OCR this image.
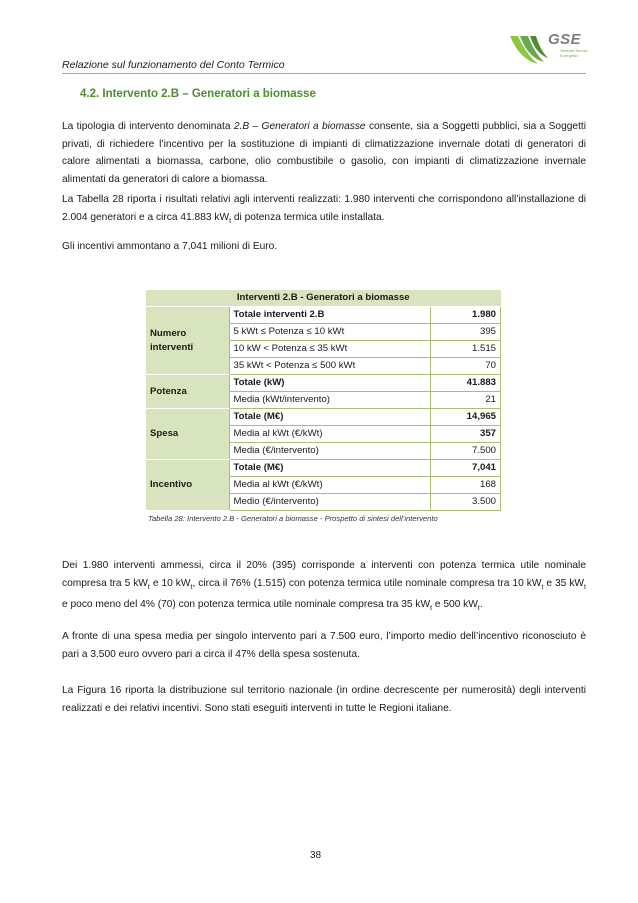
Relazione sul funzionamento del Conto Termico
GSE
Gestore Servizi Energetici
4.2. Intervento 2.B – Generatori a biomasse
La tipologia di intervento denominata 2.B – Generatori a biomasse consente, sia a Soggetti pubblici, sia a Soggetti privati, di richiedere l’incentivo per la sostituzione di impianti di climatizzazione invernale dotati di generatori di calore alimentati a biomassa, carbone, olio combustibile o gasolio, con impianti di climatizzazione invernale alimentati da generatori di calore a biomassa.
La Tabella 28 riporta i risultati relativi agli interventi realizzati: 1.980 interventi che corrispondono all’installazione di 2.004 generatori e a circa 41.883 $kW_t$ di potenza termica utile installata.
Gli incentivi ammontano a 7,041 milioni di Euro.
Interventi 2.B - Generatori a biomasse		
Numero interventi	Totale interventi 2.B	1.980
	5 kWt ≤ Potenza ≤ 10 kWt	395
	10 kW < Potenza ≤ 35 kWt	1.515
	35 kWt < Potenza ≤ 500 kWt	70
Potenza	Totale (kW)	41.883
	Media (kWt/intervento)	21
Spesa	Totale (M€)	14,965
	Media al kWt (€/kWt)	357
	Media (€/intervento)	7.500
Incentivo	Totale (M€)	7,041
	Media al kWt (€/kWt)	168
	Medio (€/intervento)	3.500
Tabella 28: Intervento 2.B - Generatori a biomasse - Prospetto di sintesi dell’intervento
Dei 1.980 interventi ammessi, circa il 20% (395) corrisponde a interventi con potenza termica utile nominale compresa tra 5 $kW_t$ e 10 $kW_t$, circa il 76% (1.515) con potenza termica utile nominale compresa tra 10 $kW_t$ e 35 $kW_t$ e poco meno del 4% (70) con potenza termica utile nominale compresa tra 35 $kW_t$ e 500 $kW_t$.
A fronte di una spesa media per singolo intervento pari a 7.500 euro, l’importo medio dell’incentivo riconosciuto è pari a 3.500 euro ovvero pari a circa il 47% della spesa sostenuta.
La Figura 16 riporta la distribuzione sul territorio nazionale (in ordine decrescente per numerosità) degli interventi realizzati e dei relativi incentivi. Sono stati eseguiti interventi in tutte le Regioni italiane.
38
